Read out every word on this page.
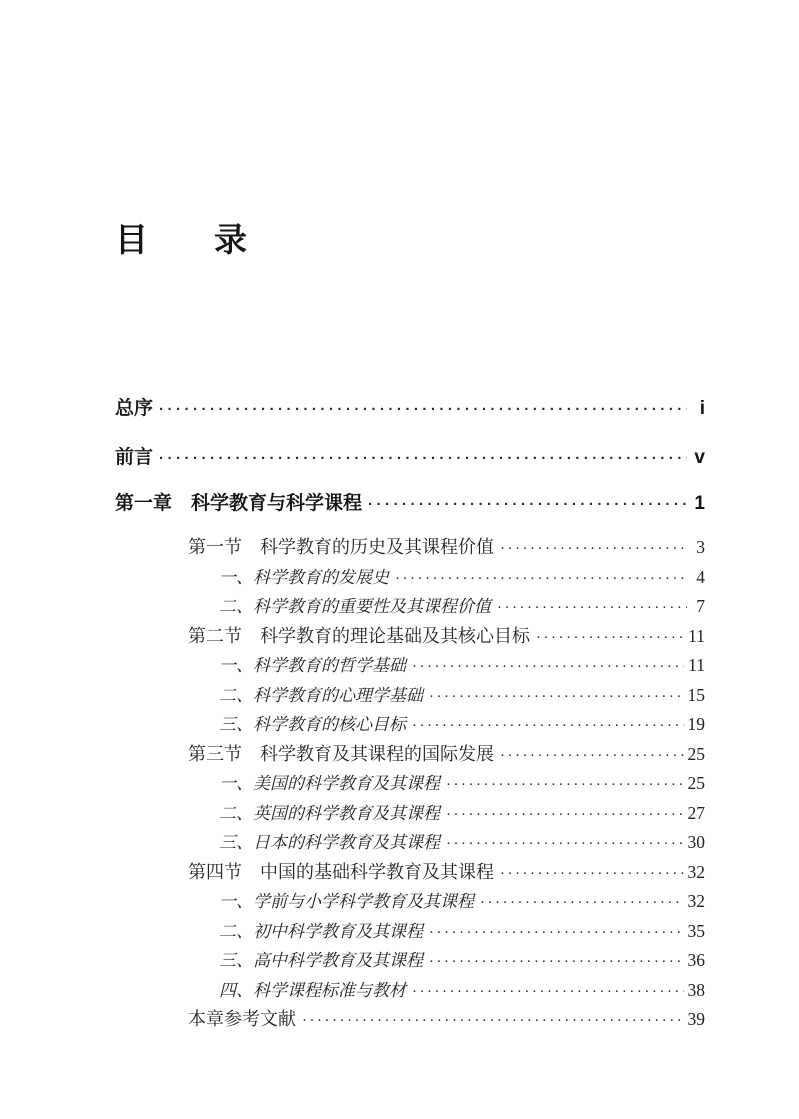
目　　录
总序 ·····	i
前言 ·····	v
第一章　科学教育与科学课程 ·····	1
第一节　科学教育的历史及其课程价值 ·····	3
一、科学教育的发展史 ·····	4
二、科学教育的重要性及其课程价值 ·····	7
第二节　科学教育的理论基础及其核心目标 ·····	11
一、科学教育的哲学基础 ·····	11
二、科学教育的心理学基础 ·····	15
三、科学教育的核心目标 ·····	19
第三节　科学教育及其课程的国际发展 ·····	25
一、美国的科学教育及其课程 ·····	25
二、英国的科学教育及其课程 ·····	27
三、日本的科学教育及其课程 ·····	30
第四节　中国的基础科学教育及其课程 ·····	32
一、学前与小学科学教育及其课程 ·····	32
二、初中科学教育及其课程 ·····	35
三、高中科学教育及其课程 ·····	36
四、科学课程标准与教材 ·····	38
本章参考文献 ·····	39
